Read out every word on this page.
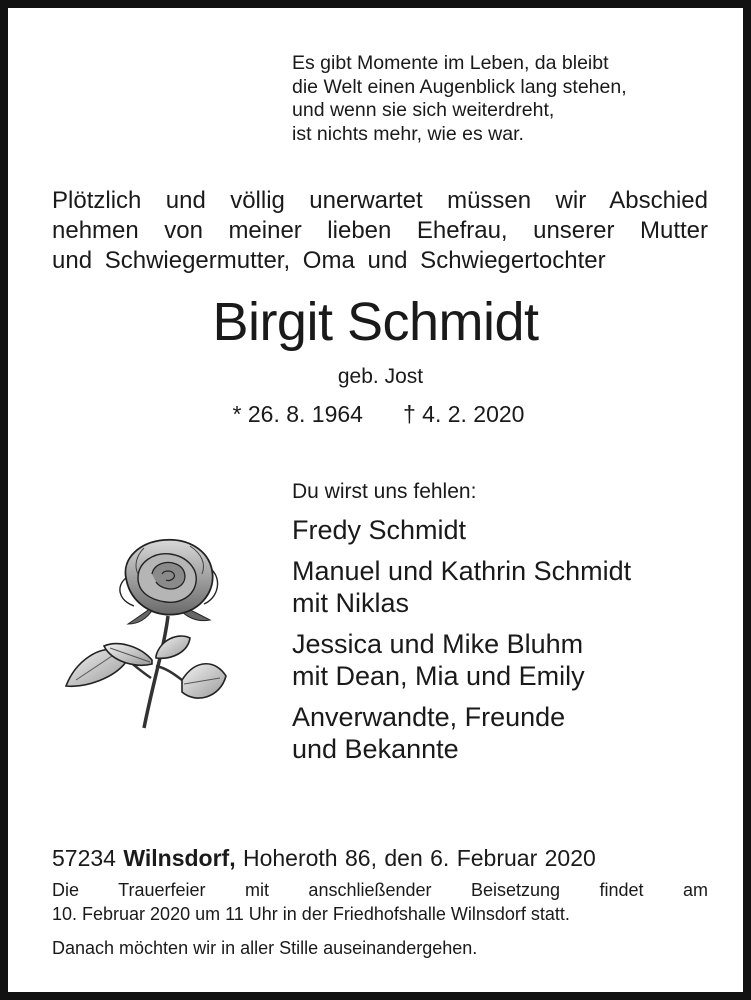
Es gibt Momente im Leben, da bleibt
die Welt einen Augenblick lang stehen,
und wenn sie sich weiterdreht,
ist nichts mehr, wie es war.
Plötzlich und völlig unerwartet müssen wir Abschied
nehmen von meiner lieben Ehefrau, unserer Mutter
und Schwiegermutter, Oma und Schwiegertochter
Birgit Schmidt
geb. Jost
* 26. 8. 1964 † 4. 2. 2020
Du wirst uns fehlen:
Fredy Schmidt
Manuel und Kathrin Schmidt
mit Niklas
Jessica und Mike Bluhm
mit Dean, Mia und Emily
Anverwandte, Freunde
und Bekannte
57234 Wilnsdorf, Hoheroth 86, den 6. Februar 2020
Die Trauerfeier mit anschließender Beisetzung findet am
10. Februar 2020 um 11 Uhr in der Friedhofshalle Wilnsdorf statt.
Danach möchten wir in aller Stille auseinandergehen.
